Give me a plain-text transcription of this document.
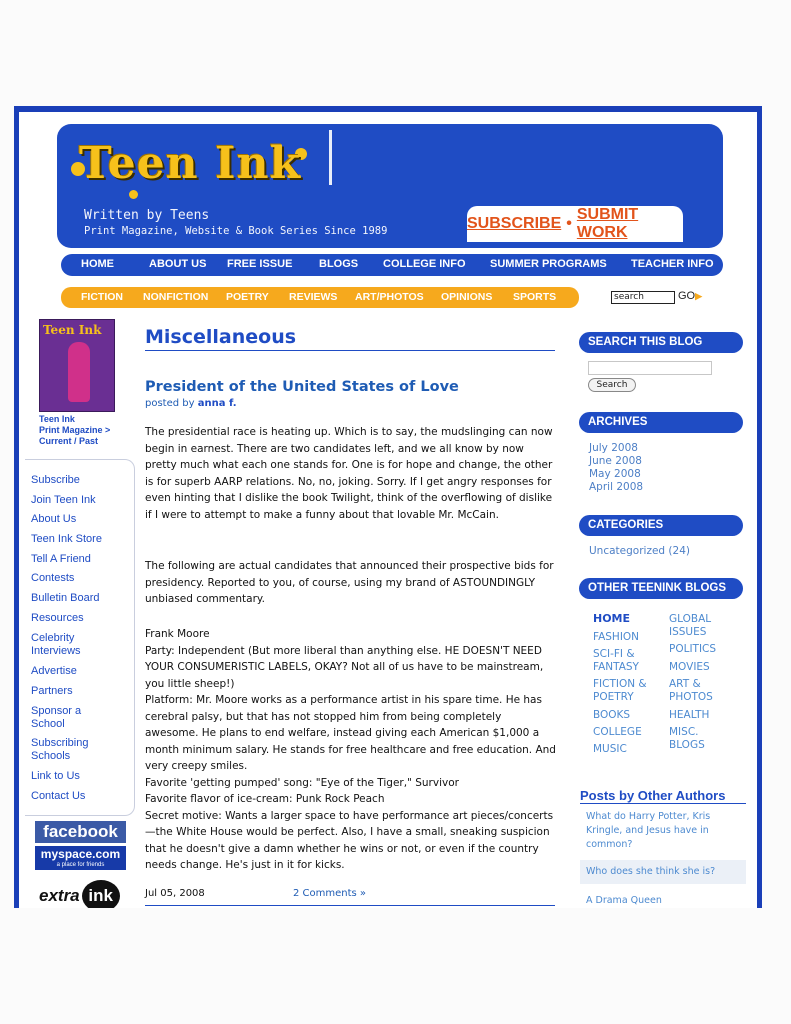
Teen Ink
Written by Teens
Print Magazine, Website & Book Series Since 1989	SUBSCRIBE •
SUBMIT WORK
HOME	ABOUT US FREE ISSUE BLOGS COLLEGE INFO SUMMER PROGRAMS TEACHER INFO
FICTION NONFICTION POETRY REVIEWS ART/PHOTOS OPINIONS SPORTS	search	GO▶
Teen Ink
Teen Ink
Print Magazine >
Current / Past
Subscribe
Join Teen Ink
About Us
Teen Ink Store
Tell A Friend
Contests
Bulletin Board
Resources
Celebrity Interviews
Advertise
Partners
Sponsor a School
Subscribing Schools
Link to Us
Contact Us
facebook
myspace.com
a place for friends
extra ink
Miscellaneous
President of the United States of Love
posted by anna f.
The presidential race is heating up. Which is to say, the mudslinging can now begin in earnest. There are two candidates left, and we all know by now pretty much what each one stands for. One is for hope and change, the other is for superb AARP relations. No, no, joking. Sorry. If I get angry responses for even hinting that I dislike the book Twilight, think of the overflowing of dislike if I were to attempt to make a funny about that lovable Mr. McCain.
The following are actual candidates that announced their prospective bids for presidency. Reported to you, of course, using my brand of ASTOUNDINGLY unbiased commentary.
Frank Moore
Party: Independent (But more liberal than anything else. HE DOESN'T NEED YOUR CONSUMERISTIC LABELS, OKAY? Not all of us have to be mainstream, you little sheep!)
Platform: Mr. Moore works as a performance artist in his spare time. He has cerebral palsy, but that has not stopped him from being completely awesome. He plans to end welfare, instead giving each American $1,000 a month minimum salary. He stands for free healthcare and free education. And very creepy smiles.
Favorite 'getting pumped' song: "Eye of the Tiger," Survivor
Favorite flavor of ice-cream: Punk Rock Peach
Secret motive: Wants a larger space to have performance art pieces/concerts—the White House would be perfect. Also, I have a small, sneaking suspicion that he doesn't give a damn whether he wins or not, or even if the country needs change. He's just in it for kicks.
Jul 05, 2008	2 Comments »
SEARCH THIS BLOG
Search
ARCHIVES
July 2008
June 2008
May 2008
April 2008
CATEGORIES
Uncategorized (24)
OTHER TEENINK BLOGS
HOME
FASHION
SCI-FI & FANTASY
FICTION & POETRY
BOOKS
COLLEGE
MUSIC
GLOBAL ISSUES
POLITICS
MOVIES
ART & PHOTOS
HEALTH
MISC. BLOGS
Posts by Other Authors
What do Harry Potter, Kris Kringle, and Jesus have in common?
Who does she think she is?
A Drama Queen
